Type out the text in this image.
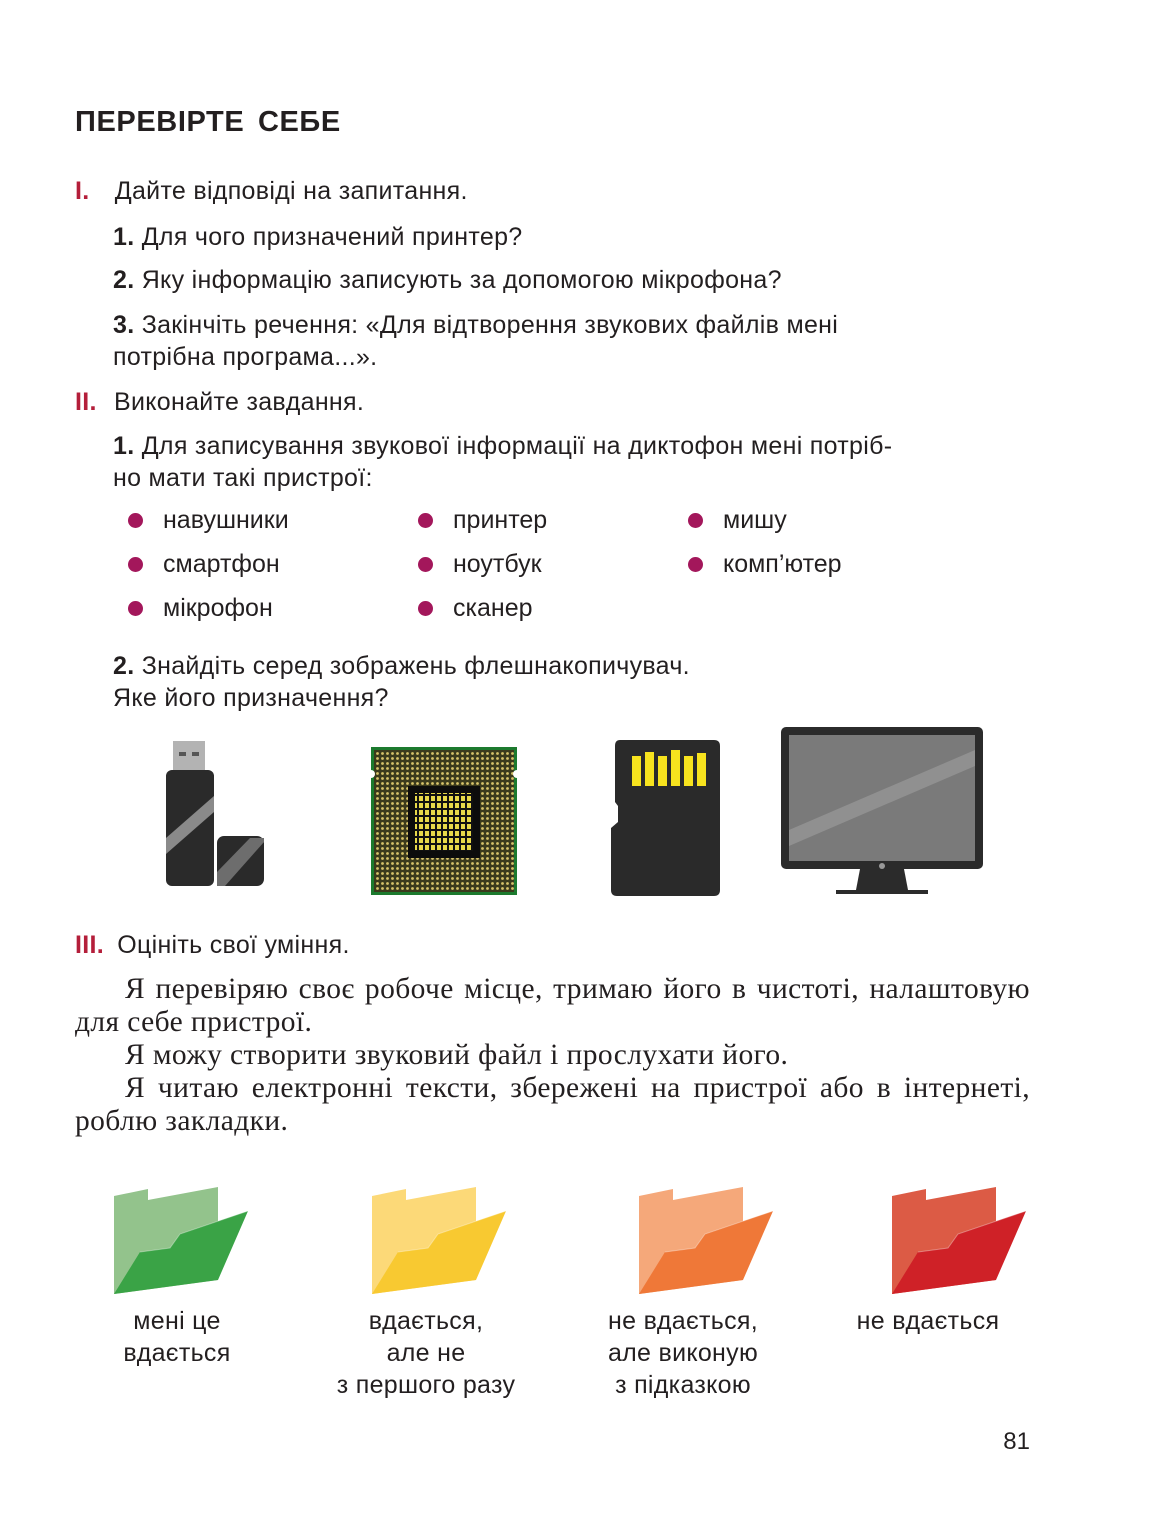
ПЕРЕВІРТЕ СЕБЕ
І. Дайте відповіді на запитання.
1. Для чого призначений принтер?
2. Яку інформацію записують за допомогою мікрофона?
3. Закінчіть речення: «Для відтворення звукових файлів мені
потрібна програма...».
ІІ. Виконайте завдання.
1. Для записування звукової інформації на диктофон мені потріб-
но мати такі пристрої:
навушники	принтер	мишу
смартфон	ноутбук	комп’ютер
мікрофон	сканер
2. Знайдіть серед зображень флешнакопичувач.
Яке його призначення?
ІІІ. Оцініть свої уміння.

Я перевіряю своє робоче місце, тримаю його в чистоті, налаштовую для себе пристрої.

Я можу створити звуковий файл і прослухати його.

Я читаю електронні тексти, збережені на пристрої або в інтернеті, роблю закладки.

мені це
вдається
вдається,
але не
з першого разу
не вдається,
але виконую
з підказкою
не вдається
81
